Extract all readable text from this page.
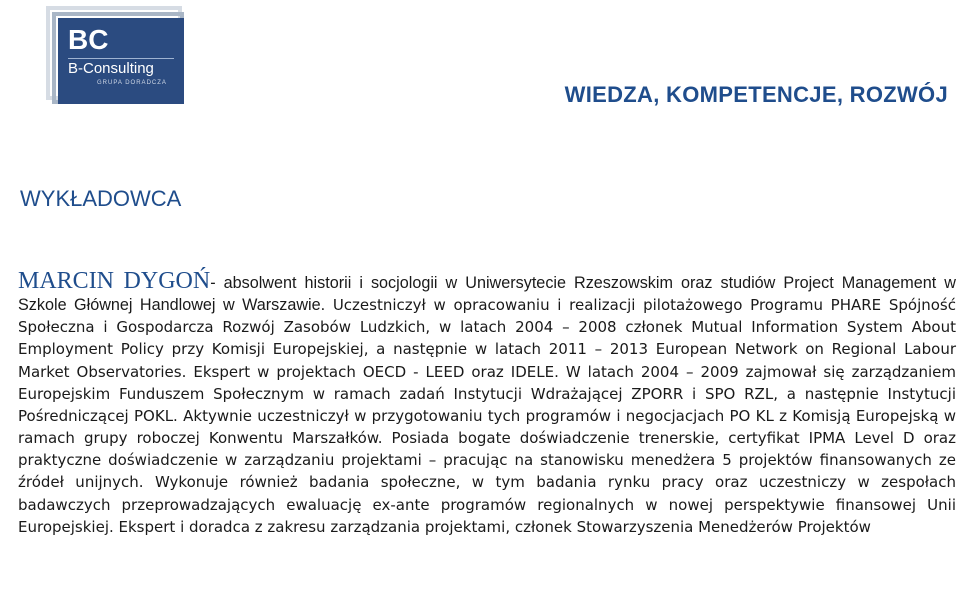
BC
B-Consulting
GRUPA DORADCZA	WIEDZA, KOMPETENCJE, ROZWÓJ
WYKŁADOWCA
MARCIN DYGOŃ- absolwent historii i socjologii w Uniwersytecie Rzeszowskim oraz studiów Project Management w Szkole Głównej Handlowej w Warszawie. Uczestniczył w opracowaniu i realizacji pilotażowego Programu PHARE Spójność Społeczna i Gospodarcza Rozwój Zasobów Ludzkich, w latach 2004 – 2008 członek Mutual Information System About Employment Policy przy Komisji Europejskiej, a następnie w latach 2011 – 2013 European Network on Regional Labour Market Observatories. Ekspert w projektach OECD - LEED oraz IDELE. W latach 2004 – 2009 zajmował się zarządzaniem Europejskim Funduszem Społecznym w ramach zadań Instytucji Wdrażającej ZPORR i SPO RZL, a następnie Instytucji Pośredniczącej POKL. Aktywnie uczestniczył w przygotowaniu tych programów i negocjacjach PO KL z Komisją Europejską w ramach grupy roboczej Konwentu Marszałków. Posiada bogate doświadczenie trenerskie, certyfikat IPMA Level D oraz praktyczne doświadczenie w zarządzaniu projektami – pracując na stanowisku menedżera 5 projektów finansowanych ze źródeł unijnych. Wykonuje również badania społeczne, w tym badania rynku pracy oraz uczestniczy w zespołach badawczych przeprowadzających ewaluację ex-ante programów regionalnych w nowej perspektywie finansowej Unii Europejskiej. Ekspert i doradca z zakresu zarządzania projektami, członek Stowarzyszenia Menedżerów Projektów
